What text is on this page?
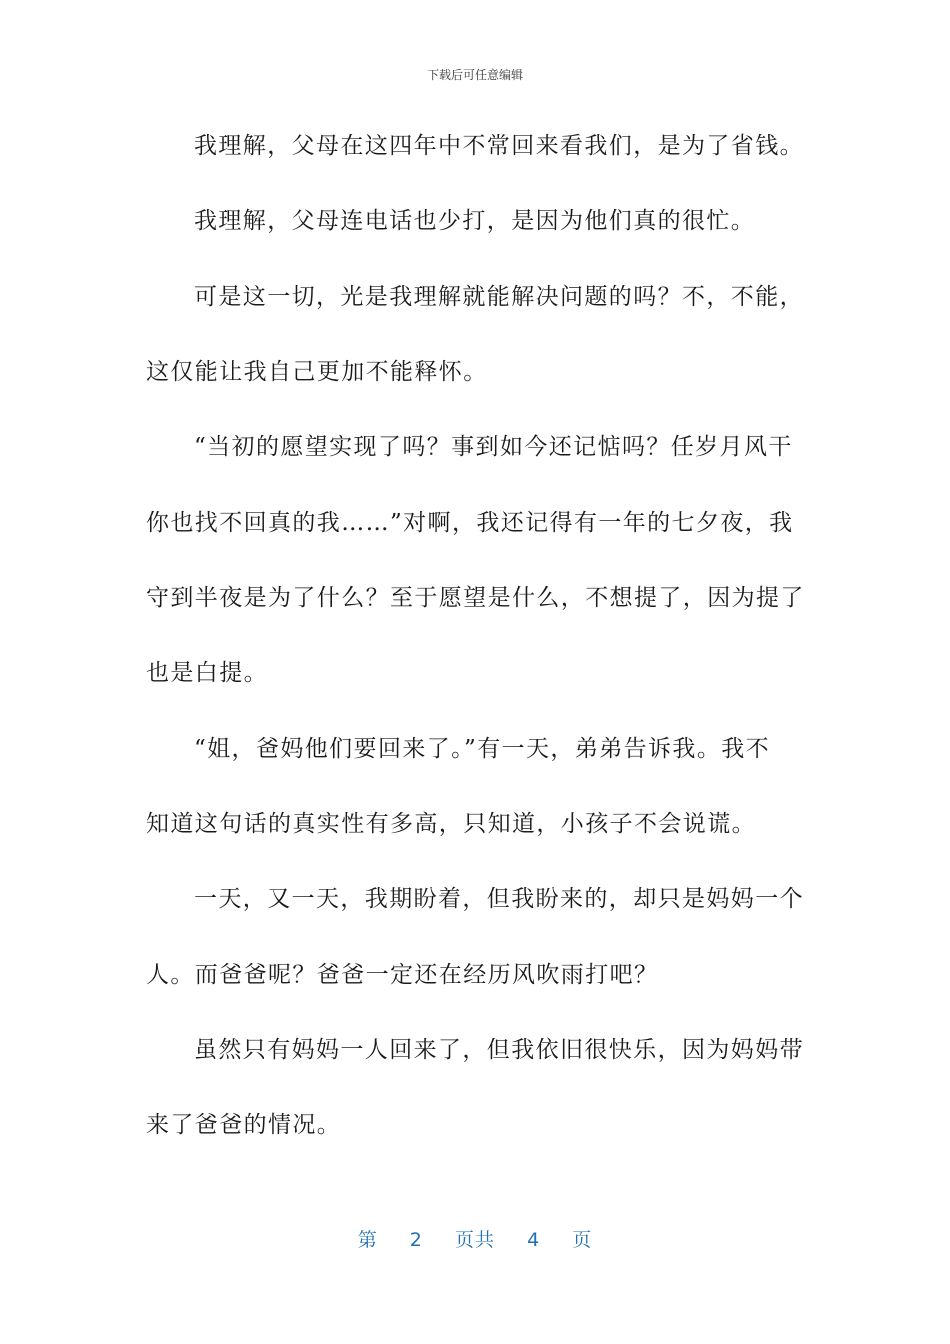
下载后可任意编辑
我理解，父母在这四年中不常回来看我们，是为了省钱。
我理解，父母连电话也少打，是因为他们真的很忙。
可是这一切，光是我理解就能解决问题的吗？不，不能，
这仅能让我自己更加不能释怀。
“当初的愿望实现了吗？事到如今还记惦吗？任岁月风干
你也找不回真的我……”对啊，我还记得有一年的七夕夜，我
守到半夜是为了什么？至于愿望是什么，不想提了，因为提了
也是白提。
“姐，爸妈他们要回来了。”有一天，弟弟告诉我。我不
知道这句话的真实性有多高，只知道，小孩子不会说谎。
一天，又一天，我期盼着，但我盼来的，却只是妈妈一个
人。而爸爸呢？爸爸一定还在经历风吹雨打吧？
虽然只有妈妈一人回来了，但我依旧很快乐，因为妈妈带
来了爸爸的情况。
第 2 页共 4 页
